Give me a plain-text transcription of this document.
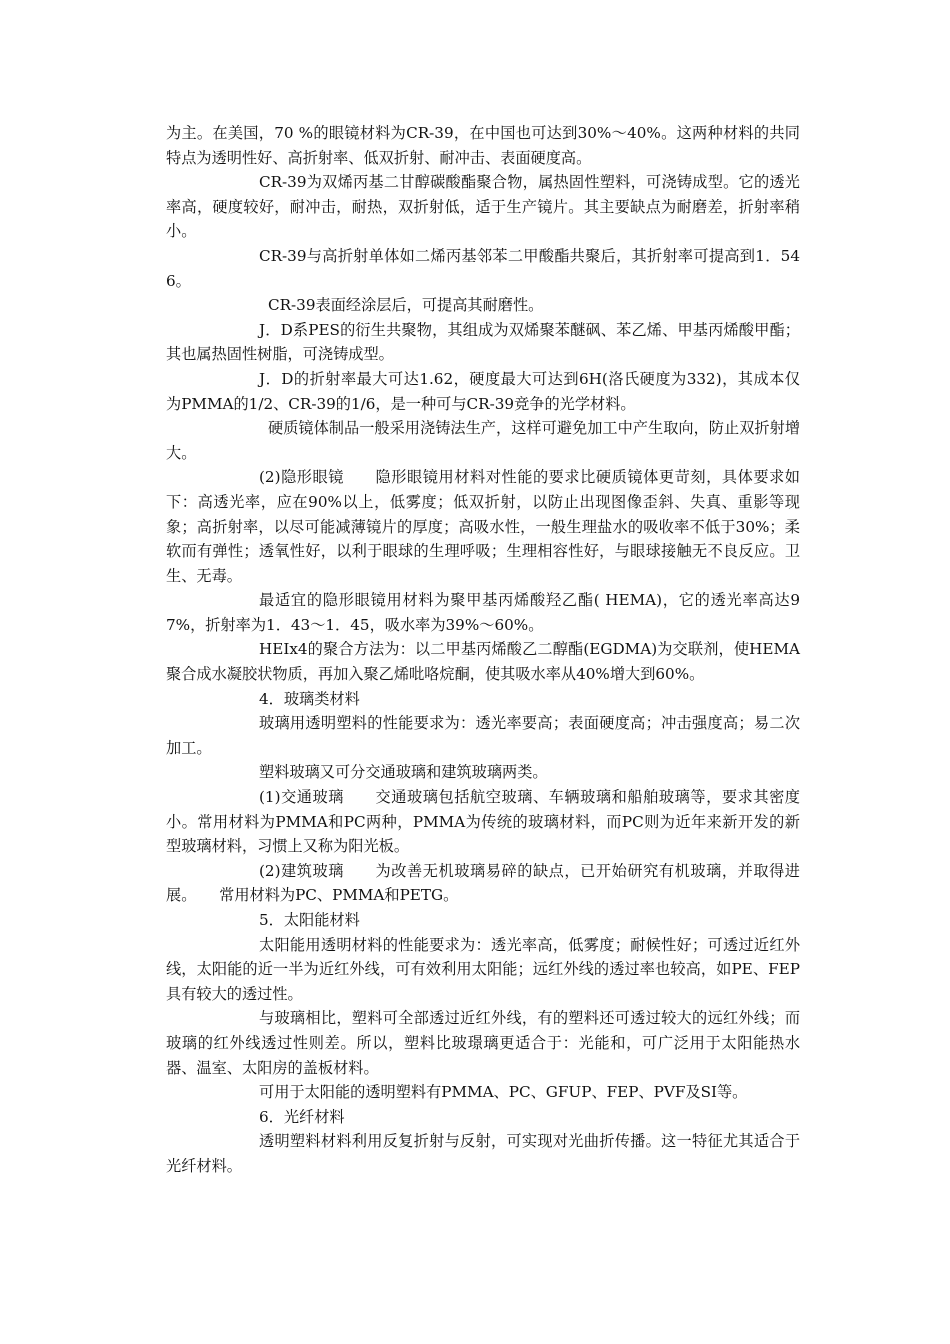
为主。在美国，70 %的眼镜材料为CR-39，在中国也可达到30%～40%。这两种材料的共同特点为透明性好、高折射率、低双折射、耐冲击、表面硬度高。

CR-39为双烯丙基二甘醇碳酸酯聚合物，属热固性塑料，可浇铸成型。它的透光率高，硬度较好，耐冲击，耐热，双折射低，适于生产镜片。其主要缺点为耐磨差，折射率稍小。

CR-39与高折射单体如二烯丙基邻苯二甲酸酯共聚后，其折射率可提高到1．546。

CR-39表面经涂层后，可提高其耐磨性。

J．D系PES的衍生共聚物，其组成为双烯聚苯醚砜、苯乙烯、甲基丙烯酸甲酯；其也属热固性树脂，可浇铸成型。

J．D的折射率最大可达1.62，硬度最大可达到6H(洛氏硬度为332)，其成本仅为PMMA的1/2、CR-39的1/6，是一种可与CR-39竞争的光学材料。

硬质镜体制品一般采用浇铸法生产，这样可避免加工中产生取向，防止双折射增大。

(2)隐形眼镜　　隐形眼镜用材料对性能的要求比硬质镜体更苛刻，具体要求如下：高透光率，应在90%以上，低雾度；低双折射，以防止出现图像歪斜、失真、重影等现象；高折射率，以尽可能减薄镜片的厚度；高吸水性，一般生理盐水的吸收率不低于30%；柔软而有弹性；透氧性好，以利于眼球的生理呼吸；生理相容性好，与眼球接触无不良反应。卫生、无毒。

最适宜的隐形眼镜用材料为聚甲基丙烯酸羟乙酯( HEMA)，它的透光率高达97%，折射率为1．43～1．45，吸水率为39%～60%。

HEIx4的聚合方法为：以二甲基丙烯酸乙二醇酯(EGDMA)为交联剂，使HEMA聚合成水凝胶状物质，再加入聚乙烯吡咯烷酮，使其吸水率从40%增大到60%。

4．玻璃类材料

玻璃用透明塑料的性能要求为：透光率要高；表面硬度高；冲击强度高；易二次加工。

塑料玻璃又可分交通玻璃和建筑玻璃两类。

(1)交通玻璃　　交通玻璃包括航空玻璃、车辆玻璃和船舶玻璃等，要求其密度小。常用材料为PMMA和PC两种，PMMA为传统的玻璃材料，而PC则为近年来新开发的新型玻璃材料，习惯上又称为阳光板。

(2)建筑玻璃　　为改善无机玻璃易碎的缺点，已开始研究有机玻璃，并取得进展。　　常用材料为PC、PMMA和PETG。

5．太阳能材料

太阳能用透明材料的性能要求为：透光率高，低雾度；耐候性好；可透过近红外线，太阳能的近一半为近红外线，可有效利用太阳能；远红外线的透过率也较高，如PE、FEP具有较大的透过性。

与玻璃相比，塑料可全部透过近红外线，有的塑料还可透过较大的远红外线；而玻璃的红外线透过性则差。所以，塑料比玻璟璃更适合于：光能和，可广泛用于太阳能热水器、温室、太阳房的盖板材料。

可用于太阳能的透明塑料有PMMA、PC、GFUP、FEP、PVF及SI等。

6．光纤材料

透明塑料材料利用反复折射与反射，可实现对光曲折传播。这一特征尤其适合于光纤材料。
